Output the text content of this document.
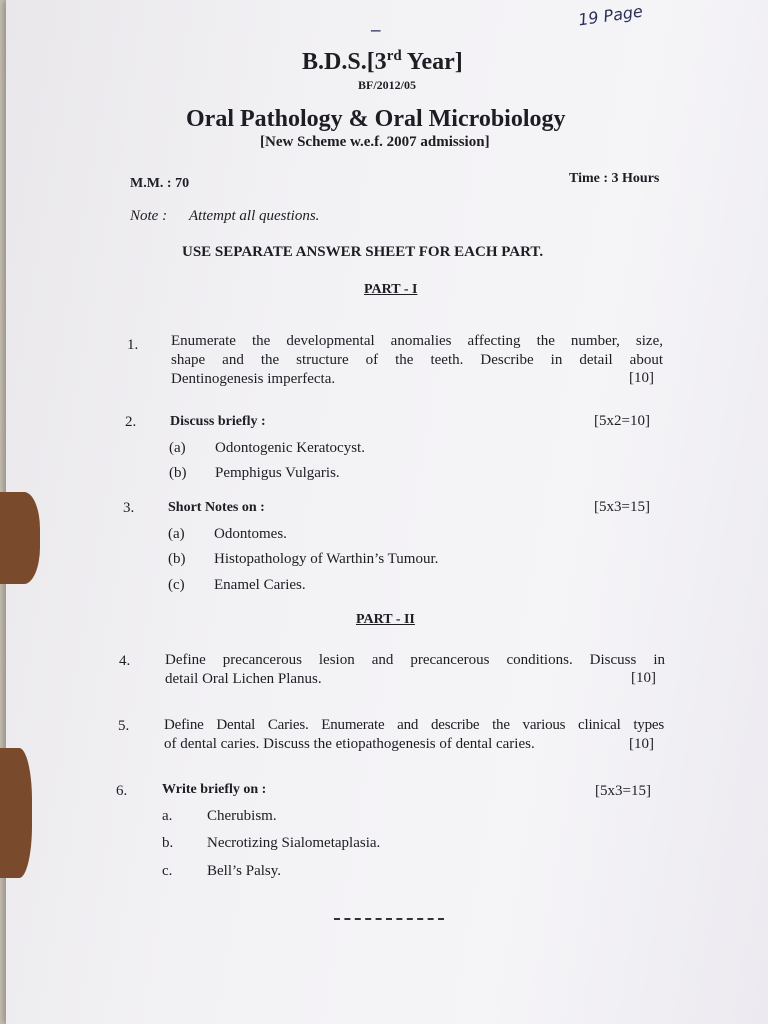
19 Page
‒
B.D.S.[3rd Year]
BF/2012/05
Oral Pathology & Oral Microbiology
[New Scheme w.e.f. 2007 admission]
M.M. : 70	Time : 3 Hours
Note : Attempt all questions.
USE SEPARATE ANSWER SHEET FOR EACH PART.
PART - I
1. Enumerate the developmental anomalies affecting the number, size,
shape and the structure of the teeth. Describe in detail about
Dentinogenesis imperfecta.	[10]
2. Discuss briefly :	[5x2=10]
(a) Odontogenic Keratocyst.
(b) Pemphigus Vulgaris.
3. Short Notes on :	[5x3=15]
(a) Odontomes.
(b) Histopathology of Warthin’s Tumour.
(c) Enamel Caries.
PART - II
4. Define precancerous lesion and precancerous conditions. Discuss in
detail Oral Lichen Planus.	[10]
5. Define Dental Caries. Enumerate and describe the various clinical types
of dental caries. Discuss the etiopathogenesis of dental caries.	[10]
6. Write briefly on :	[5x3=15]
a. Cherubism.
b. Necrotizing Sialometaplasia.
c. Bell’s Palsy.
